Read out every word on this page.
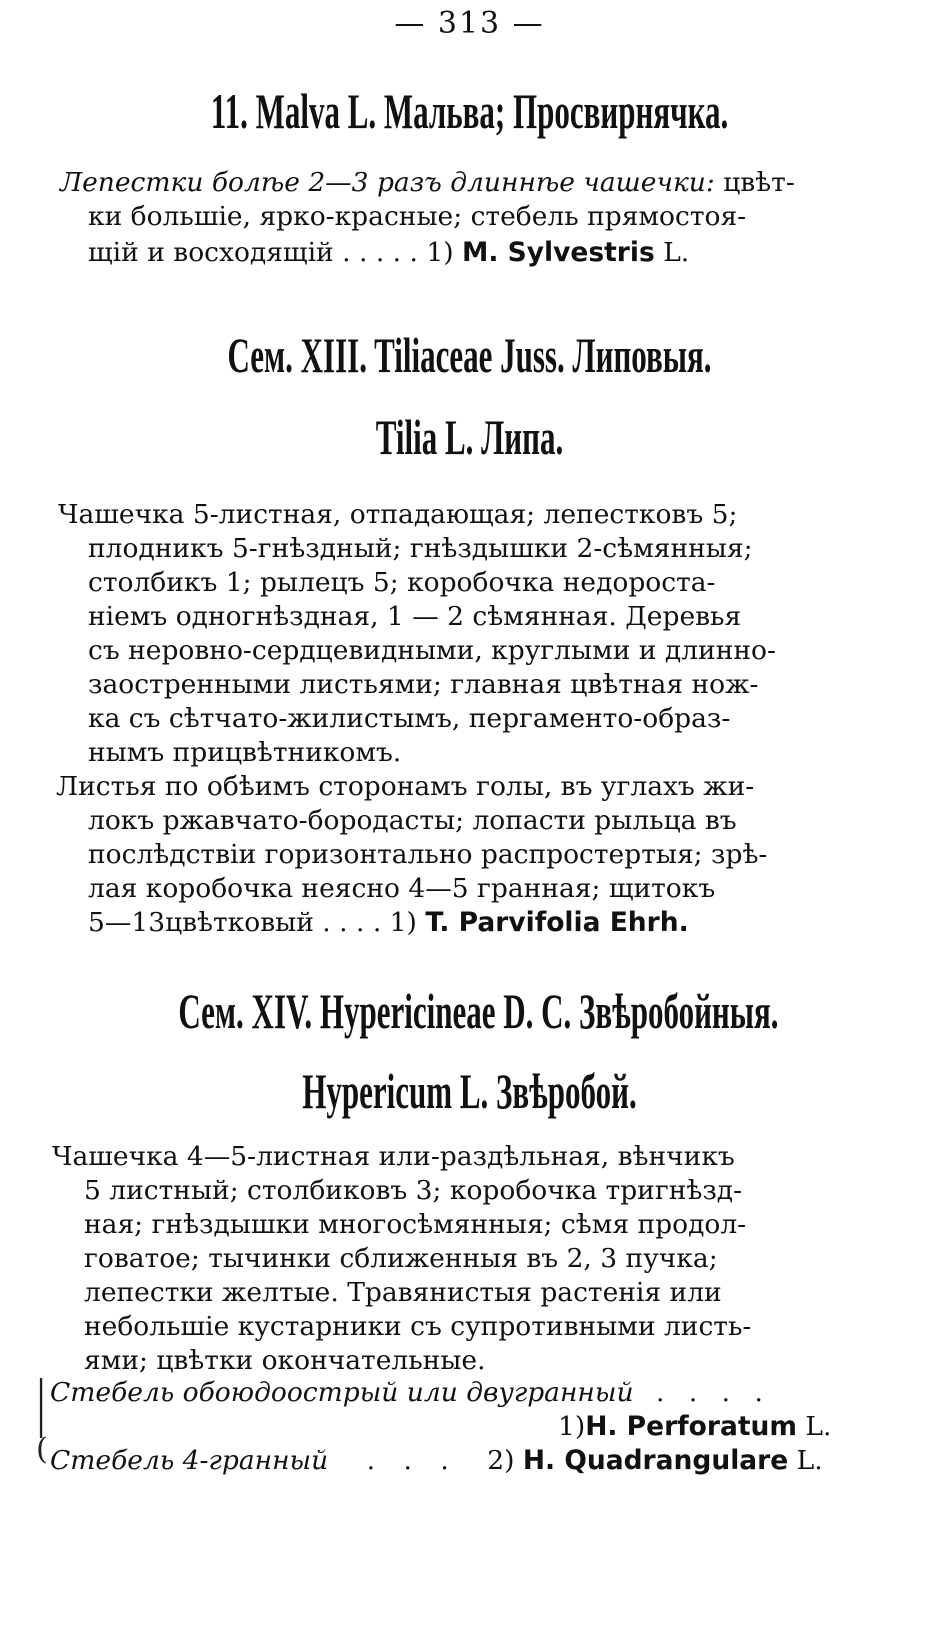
— 313 —
11. Malva L. Мальва; Просвирнячка.
Лепестки болѣе 2—3 разъ длиннѣе чашечки: цвѣт-
ки большіе, ярко-красные; стебель прямостоя-
щій и восходящій . . . . . 1) M. Sylvestris L.
Сем. XIII. Tiliaceae Juss. Липовыя.
Tilia L. Липа.
Чашечка 5-листная, отпадающая; лепестковъ 5;
плодникъ 5-гнѣздный; гнѣздышки 2-сѣмянныя;
столбикъ 1; рылецъ 5; коробочка недороста-
ніемъ одногнѣздная, 1 — 2 сѣмянная. Деревья
съ неровно-сердцевидными, круглыми и длинно-
заостренными листьями; главная цвѣтная нож-
ка съ сѣтчато-жилистымъ, пергаменто-образ-
нымъ прицвѣтникомъ.
Листья по обѣимъ сторонамъ голы, въ углахъ жи-
локъ ржавчато-бородасты; лопасти рыльца въ
послѣдствіи горизонтально распростертыя; зрѣ-
лая коробочка неясно 4—5 гранная; щитокъ
5—13цвѣтковый . . . . 1) T. Parvifolia Ehrh.
Сем. XIV. Hypericineae D. C. Звѣробойныя.
Hypericum L. Звѣробой.
Чашечка 4—5-листная или-раздѣльная, вѣнчикъ
5 листный; столбиковъ 3; коробочка тригнѣзд-
ная; гнѣздышки многосѣмянныя; сѣмя продол-
говатое; тычинки сближенныя въ 2, 3 пучка;
лепестки желтые. Травянистыя растенія или
небольшіе кустарники съ супротивными листь-
ями; цвѣтки окончательные.
|
|
(
Стебель обоюдоострый или двугранный . . . .
1)H. Perforatum L.
Стебель 4-гранный . . . 2) H. Quadrangulare L.
